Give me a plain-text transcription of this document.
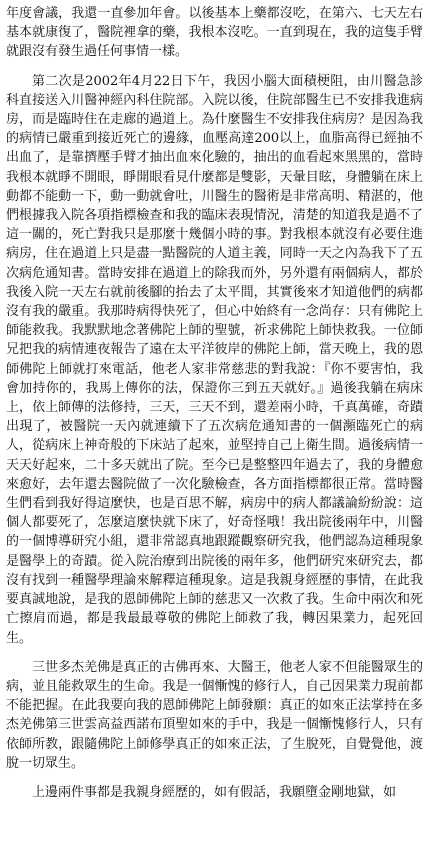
年度會議，我還一直參加年會。以後基本上藥都沒吃，在第六、七天左右基本就康復了，醫院裡拿的藥，我根本沒吃。一直到現在，我的這隻手臂就跟沒有發生過任何事情一樣。

第二次是2002年4月22日下午，我因小腦大面積梗阻，由川醫急診科直接送入川醫神經內科住院部。入院以後，住院部醫生已不安排我進病房，而是臨時住在走廊的過道上。為什麼醫生不安排我住病房？是因為我的病情已嚴重到接近死亡的邊緣，血壓高達200以上，血脂高得已經抽不出血了，是靠擠壓手臂才抽出血來化驗的，抽出的血看起來黑黑的，當時我根本就睜不開眼，睜開眼看見什麼都是雙影，天暈目眩，身體躺在床上動都不能動一下，動一動就會吐，川醫生的醫術是非常高明、精湛的，他們根據我入院各項指標檢查和我的臨床表現情況，清楚的知道我是過不了這一關的，死亡對我只是那麼十幾個小時的事。對我根本就沒有必要住進病房，住在過道上只是盡一點醫院的人道主義，同時一天之內為我下了五次病危通知書。當時安排在過道上的除我而外，另外還有兩個病人，都於我後入院一天左右就前後腳的抬去了太平間，其實後來才知道他們的病都沒有我的嚴重。我那時病得快死了，但心中始終有一念尚存：只有佛陀上師能救我。我默默地念著佛陀上師的聖號，祈求佛陀上師快救我。一位師兄把我的病情連夜報告了遠在太平洋彼岸的佛陀上師，當天晚上，我的恩師佛陀上師就打來電話，他老人家非常慈悲的對我說：『你不要害怕，我會加持你的，我馬上傳你的法，保證你三到五天就好。』過後我躺在病床上，依上師傳的法修持，三天，三天不到，還差兩小時，千真萬確，奇蹟出現了，被醫院一天內就連續下了五次病危通知書的一個瀕臨死亡的病人，從病床上神奇般的下床站了起來，並堅持自己上衛生間。過後病情一天天好起來，二十多天就出了院。至今已是整整四年過去了，我的身體愈來愈好，去年還去醫院做了一次化驗檢查，各方面指標都很正常。當時醫生們看到我好得這麼快，也是百思不解，病房中的病人都議論紛紛說：這個人都要死了，怎麼這麼快就下床了，好奇怪哦！我出院後兩年中，川醫的一個博導研究小組，還非常認真地跟蹤觀察研究我，他們認為這種現象是醫學上的奇蹟。從入院治療到出院後的兩年多，他們研究來研究去，都沒有找到一種醫學理論來解釋這種現象。這是我親身經歷的事情，在此我要真誠地說，是我的恩師佛陀上師的慈悲又一次救了我。生命中兩次和死亡擦肩而過，都是我最最尊敬的佛陀上師救了我，轉因果業力，起死回生。

三世多杰羌佛是真正的古佛再來、大醫王，他老人家不但能醫眾生的病，並且能救眾生的生命。我是一個慚愧的修行人，自己因果業力現前都不能把握。在此我要向我的恩師佛陀上師發願：真正的如來正法掌持在多杰羌佛第三世雲高益西諾布頂聖如來的手中，我是一個慚愧修行人，只有依師所教，跟隨佛陀上師修學真正的如來正法，了生脫死，自覺覺他，渡脫一切眾生。

上邊兩件事都是我親身經歷的，如有假話，我願墮金剛地獄，如
